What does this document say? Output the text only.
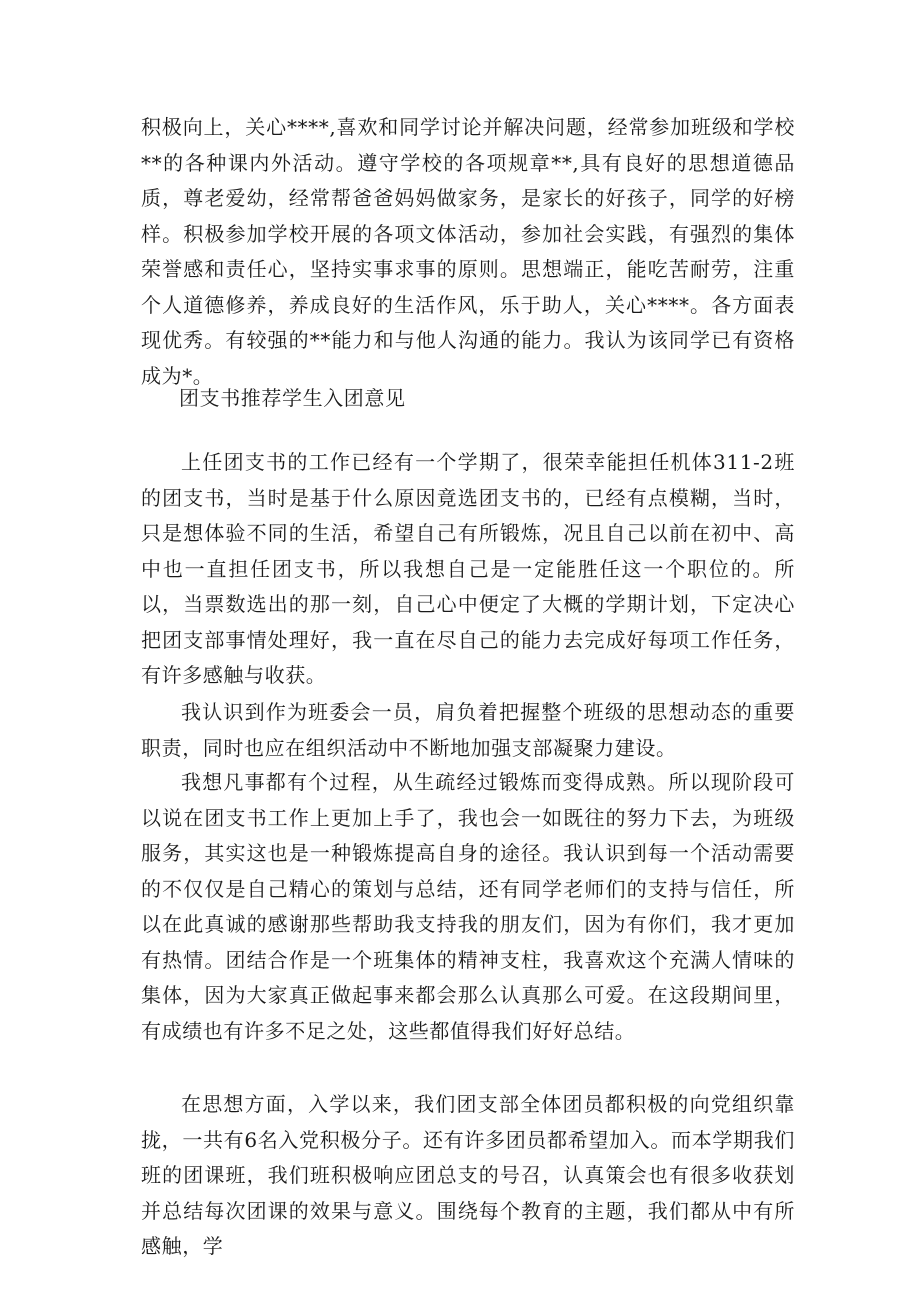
积极向上，关心****,喜欢和同学讨论并解决问题，经常参加班级和学校**的各种课内外活动。遵守学校的各项规章**,具有良好的思想道德品质，尊老爱幼，经常帮爸爸妈妈做家务，是家长的好孩子，同学的好榜样。积极参加学校开展的各项文体活动，参加社会实践，有强烈的集体荣誉感和责任心，坚持实事求事的原则。思想端正，能吃苦耐劳，注重个人道德修养，养成良好的生活作风，乐于助人，关心****。各方面表现优秀。有较强的**能力和与他人沟通的能力。我认为该同学已有资格成为*。

团支书推荐学生入团意见

上任团支书的工作已经有一个学期了，很荣幸能担任机体311-2班的团支书，当时是基于什么原因竟选团支书的，已经有点模糊，当时，只是想体验不同的生活，希望自己有所锻炼，况且自己以前在初中、高中也一直担任团支书，所以我想自己是一定能胜任这一个职位的。所以，当票数选出的那一刻，自己心中便定了大概的学期计划，下定决心把团支部事情处理好，我一直在尽自己的能力去完成好每项工作任务，有许多感触与收获。

我认识到作为班委会一员，肩负着把握整个班级的思想动态的重要职责，同时也应在组织活动中不断地加强支部凝聚力建设。

我想凡事都有个过程，从生疏经过锻炼而变得成熟。所以现阶段可以说在团支书工作上更加上手了，我也会一如既往的努力下去，为班级服务，其实这也是一种锻炼提高自身的途径。我认识到每一个活动需要的不仅仅是自己精心的策划与总结，还有同学老师们的支持与信任，所以在此真诚的感谢那些帮助我支持我的朋友们，因为有你们，我才更加有热情。团结合作是一个班集体的精神支柱，我喜欢这个充满人情味的集体，因为大家真正做起事来都会那么认真那么可爱。在这段期间里，有成绩也有许多不足之处，这些都值得我们好好总结。

在思想方面，入学以来，我们团支部全体团员都积极的向党组织靠拢，一共有6名入党积极分子。还有许多团员都希望加入。而本学期我们班的团课班，我们班积极响应团总支的号召，认真策会也有很多收获划并总结每次团课的效果与意义。围绕每个教育的主题，我们都从中有所感触，学
